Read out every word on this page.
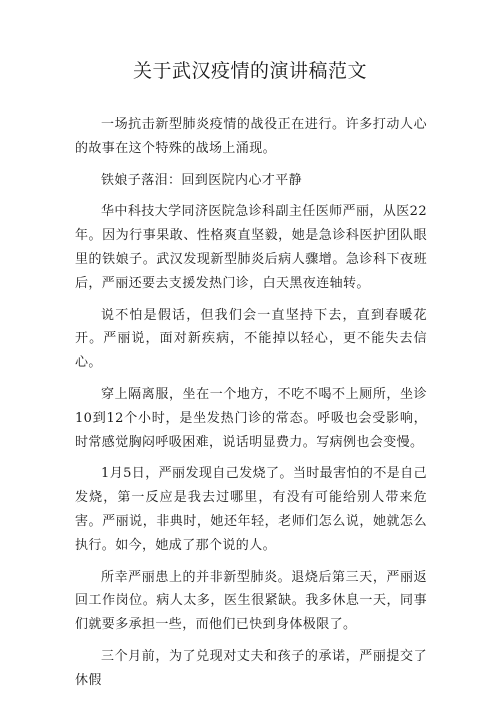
关于武汉疫情的演讲稿范文

一场抗击新型肺炎疫情的战役正在进行。许多打动人心的故事在这个特殊的战场上涌现。

铁娘子落泪：回到医院内心才平静

华中科技大学同济医院急诊科副主任医师严丽，从医22年。因为行事果敢、性格爽直坚毅，她是急诊科医护团队眼里的铁娘子。武汉发现新型肺炎后病人骤增。急诊科下夜班后，严丽还要去支援发热门诊，白天黑夜连轴转。

说不怕是假话，但我们会一直坚持下去，直到春暖花开。严丽说，面对新疾病，不能掉以轻心，更不能失去信心。

穿上隔离服，坐在一个地方，不吃不喝不上厕所，坐诊10到12个小时，是坐发热门诊的常态。呼吸也会受影响，时常感觉胸闷呼吸困难，说话明显费力。写病例也会变慢。

1月5日，严丽发现自己发烧了。当时最害怕的不是自己发烧，第一反应是我去过哪里，有没有可能给别人带来危害。严丽说，非典时，她还年轻，老师们怎么说，她就怎么执行。如今，她成了那个说的人。

所幸严丽患上的并非新型肺炎。退烧后第三天，严丽返回工作岗位。病人太多，医生很紧缺。我多休息一天，同事们就要多承担一些，而他们已快到身体极限了。

三个月前，为了兑现对丈夫和孩子的承诺，严丽提交了休假
